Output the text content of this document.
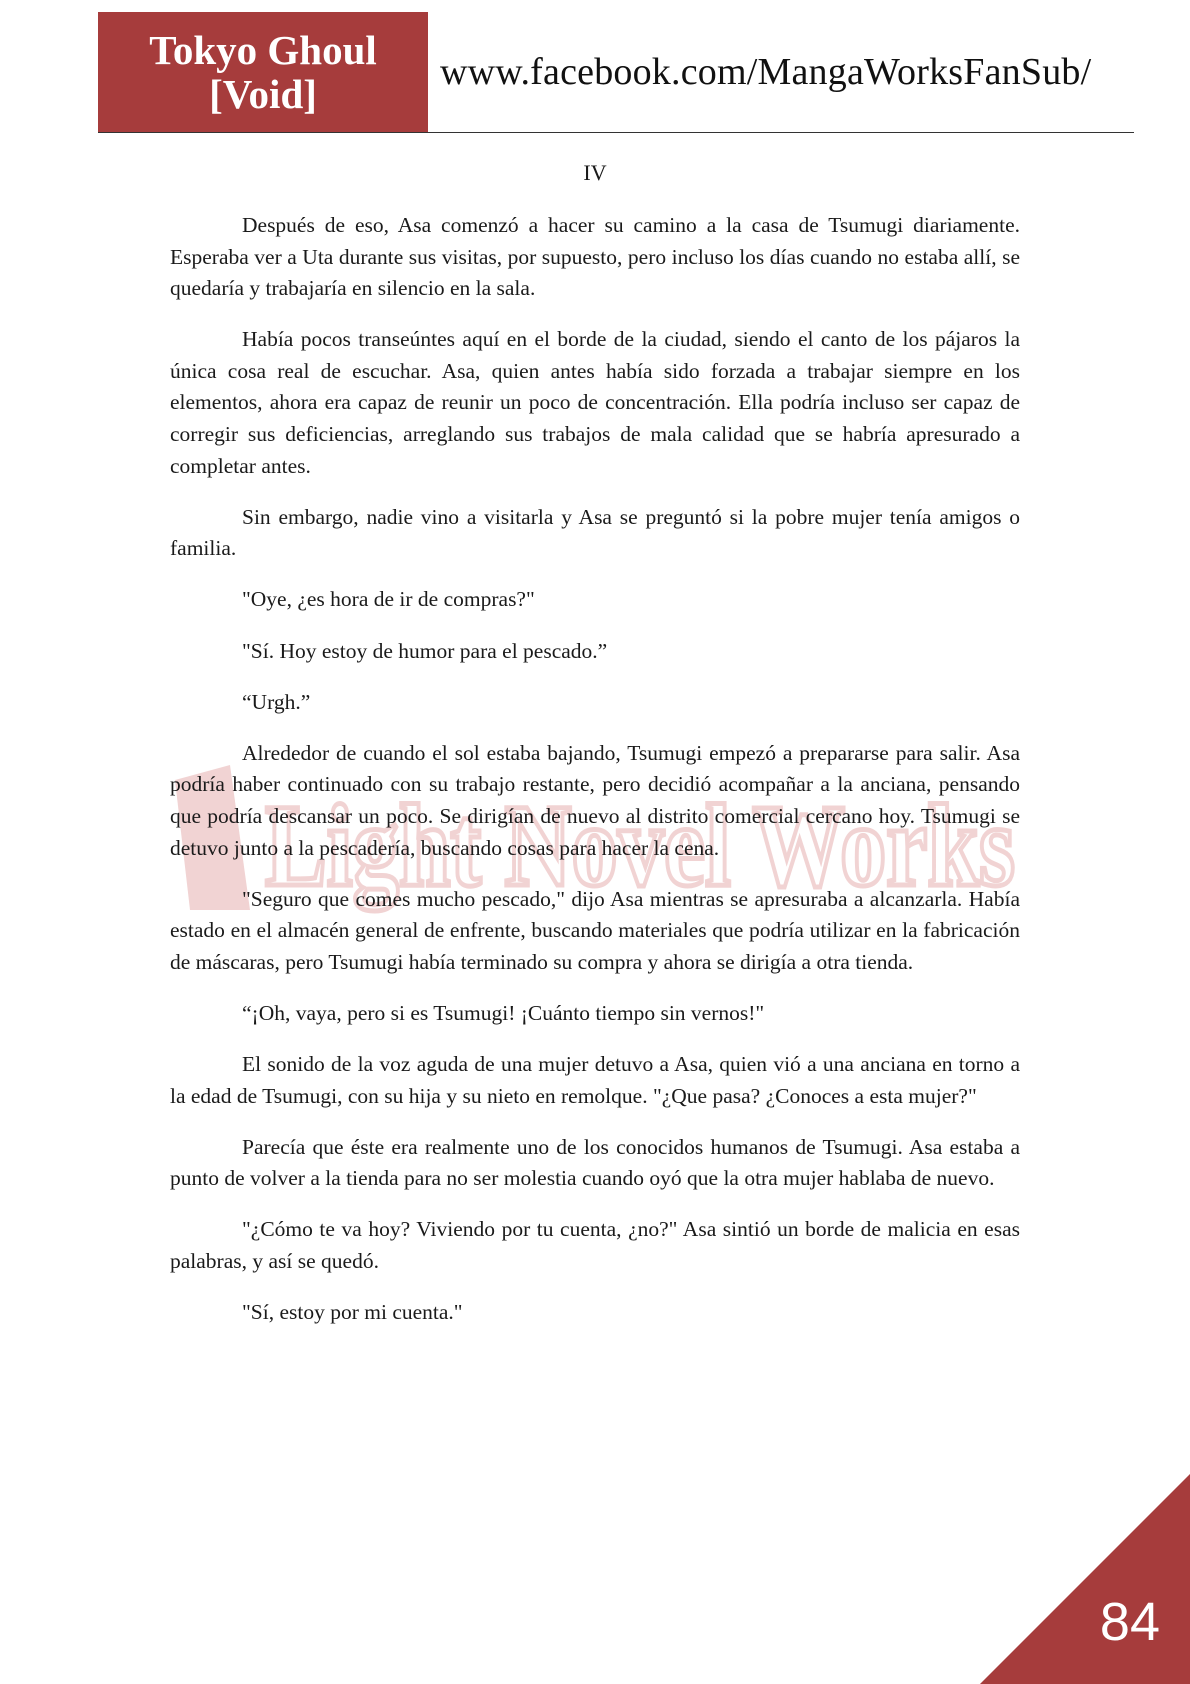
Tokyo Ghoul
[Void]	www.facebook.com/MangaWorksFanSub/
IV
Light Novel Works

Después de eso, Asa comenzó a hacer su camino a la casa de Tsumugi diariamente. Esperaba ver a Uta durante sus visitas, por supuesto, pero incluso los días cuando no estaba allí, se quedaría y trabajaría en silencio en la sala.

Había pocos transeúntes aquí en el borde de la ciudad, siendo el canto de los pájaros la única cosa real de escuchar. Asa, quien antes había sido forzada a trabajar siempre en los elementos, ahora era capaz de reunir un poco de concentración. Ella podría incluso ser capaz de corregir sus deficiencias, arreglando sus trabajos de mala calidad que se habría apresurado a completar antes.

Sin embargo, nadie vino a visitarla y Asa se preguntó si la pobre mujer tenía amigos o familia.

"Oye, ¿es hora de ir de compras?"

"Sí. Hoy estoy de humor para el pescado.”

“Urgh.”

Alrededor de cuando el sol estaba bajando, Tsumugi empezó a prepararse para salir. Asa podría haber continuado con su trabajo restante, pero decidió acompañar a la anciana, pensando que podría descansar un poco. Se dirigían de nuevo al distrito comercial cercano hoy. Tsumugi se detuvo junto a la pescadería, buscando cosas para hacer la cena.

"Seguro que comes mucho pescado," dijo Asa mientras se apresuraba a alcanzarla. Había estado en el almacén general de enfrente, buscando materiales que podría utilizar en la fabricación de máscaras, pero Tsumugi había terminado su compra y ahora se dirigía a otra tienda.

“¡Oh, vaya, pero si es Tsumugi! ¡Cuánto tiempo sin vernos!"

El sonido de la voz aguda de una mujer detuvo a Asa, quien vió a una anciana en torno a la edad de Tsumugi, con su hija y su nieto en remolque. "¿Que pasa? ¿Conoces a esta mujer?"

Parecía que éste era realmente uno de los conocidos humanos de Tsumugi. Asa estaba a punto de volver a la tienda para no ser molestia cuando oyó que la otra mujer hablaba de nuevo.

"¿Cómo te va hoy? Viviendo por tu cuenta, ¿no?" Asa sintió un borde de malicia en esas palabras, y así se quedó.

"Sí, estoy por mi cuenta."

84
